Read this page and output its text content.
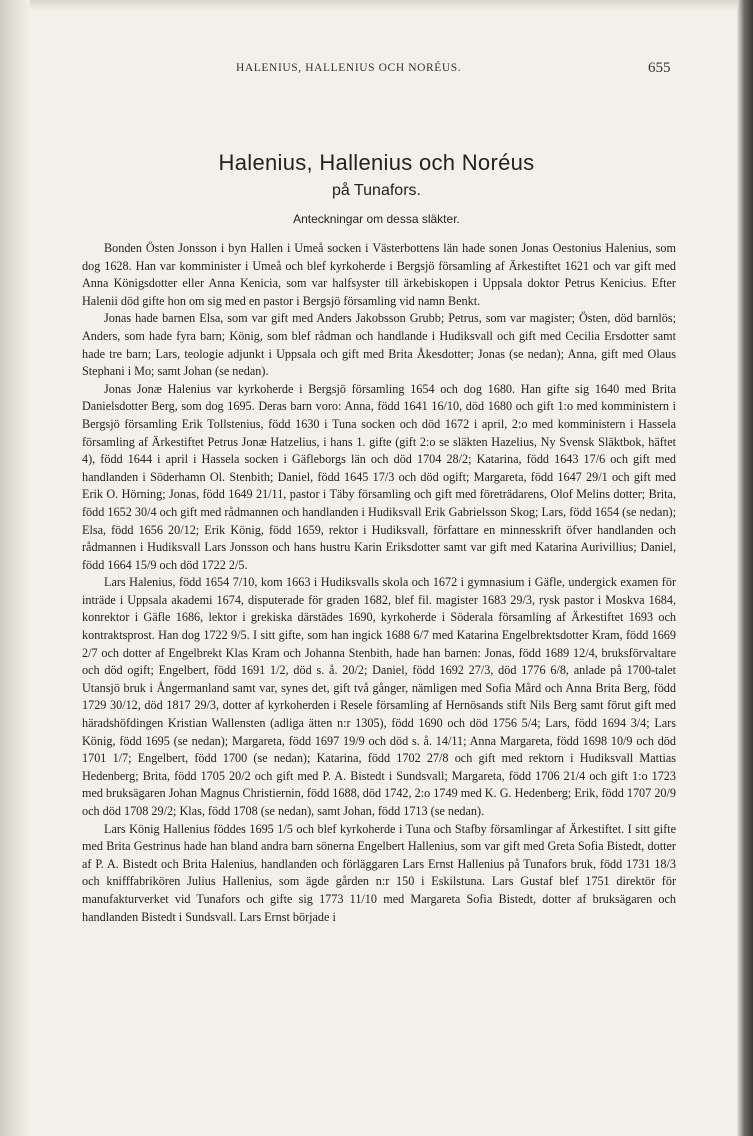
HALENIUS, HALLENIUS OCH NORÉUS.	655
Halenius, Hallenius och Noréus
på Tunafors.
Anteckningar om dessa släkter.

Bonden Östen Jonsson i byn Hallen i Umeå socken i Västerbottens län hade sonen Jonas Oestonius Halenius, som dog 1628. Han var komminister i Umeå och blef kyrkoherde i Bergsjö församling af Ärkestiftet 1621 och var gift med Anna Königsdotter eller Anna Kenicia, som var halfsyster till ärkebiskopen i Uppsala doktor Petrus Kenicius. Efter Halenii död gifte hon om sig med en pastor i Bergsjö församling vid namn Benkt.

Jonas hade barnen Elsa, som var gift med Anders Jakobsson Grubb; Petrus, som var magister; Östen, död barnlös; Anders, som hade fyra barn; König, som blef rådman och handlande i Hudiksvall och gift med Cecilia Ersdotter samt hade tre barn; Lars, teologie adjunkt i Uppsala och gift med Brita Åkesdotter; Jonas (se nedan); Anna, gift med Olaus Stephani i Mo; samt Johan (se nedan).

Jonas Jonæ Halenius var kyrkoherde i Bergsjö församling 1654 och dog 1680. Han gifte sig 1640 med Brita Danielsdotter Berg, som dog 1695. Deras barn voro: Anna, född 1641 16/10, död 1680 och gift 1:o med komministern i Bergsjö församling Erik Tollstenius, född 1630 i Tuna socken och död 1672 i april, 2:o med komministern i Hassela församling af Ärkestiftet Petrus Jonæ Hatzelius, i hans 1. gifte (gift 2:o se släkten Hazelius, Ny Svensk Släktbok, häftet 4), född 1644 i april i Hassela socken i Gäfleborgs län och död 1704 28/2; Katarina, född 1643 17/6 och gift med handlanden i Söderhamn Ol. Stenbith; Daniel, född 1645 17/3 och död ogift; Margareta, född 1647 29/1 och gift med Erik O. Hörning; Jonas, född 1649 21/11, pastor i Täby församling och gift med företrädarens, Olof Melins dotter; Brita, född 1652 30/4 och gift med rådmannen och handlanden i Hudiksvall Erik Gabrielsson Skog; Lars, född 1654 (se nedan); Elsa, född 1656 20/12; Erik König, född 1659, rektor i Hudiksvall, författare en minnesskrift öfver handlanden och rådmannen i Hudiksvall Lars Jonsson och hans hustru Karin Eriksdotter samt var gift med Katarina Aurivillius; Daniel, född 1664 15/9 och död 1722 2/5.

Lars Halenius, född 1654 7/10, kom 1663 i Hudiksvalls skola och 1672 i gymnasium i Gäfle, undergick examen för inträde i Uppsala akademi 1674, disputerade för graden 1682, blef fil. magister 1683 29/3, rysk pastor i Moskva 1684, konrektor i Gäfle 1686, lektor i grekiska därstädes 1690, kyrkoherde i Söderala församling af Ärkestiftet 1693 och kontraktsprost. Han dog 1722 9/5. I sitt gifte, som han ingick 1688 6/7 med Katarina Engelbrektsdotter Kram, född 1669 2/7 och dotter af Engelbrekt Klas Kram och Johanna Stenbith, hade han barnen: Jonas, född 1689 12/4, bruksförvaltare och död ogift; Engelbert, född 1691 1/2, död s. å. 20/2; Daniel, född 1692 27/3, död 1776 6/8, anlade på 1700-talet Utansjö bruk i Ångermanland samt var, synes det, gift två gånger, nämligen med Sofia Mård och Anna Brita Berg, född 1729 30/12, död 1817 29/3, dotter af kyrkoherden i Resele församling af Hernösands stift Nils Berg samt förut gift med häradshöfdingen Kristian Wallensten (adliga ätten n:r 1305), född 1690 och död 1756 5/4; Lars, född 1694 3/4; Lars König, född 1695 (se nedan); Margareta, född 1697 19/9 och död s. å. 14/11; Anna Margareta, född 1698 10/9 och död 1701 1/7; Engelbert, född 1700 (se nedan); Katarina, född 1702 27/8 och gift med rektorn i Hudiksvall Mattias Hedenberg; Brita, född 1705 20/2 och gift med P. A. Bistedt i Sundsvall; Margareta, född 1706 21/4 och gift 1:o 1723 med bruksägaren Johan Magnus Christiernin, född 1688, död 1742, 2:o 1749 med K. G. Hedenberg; Erik, född 1707 20/9 och död 1708 29/2; Klas, född 1708 (se nedan), samt Johan, född 1713 (se nedan).

Lars König Hallenius föddes 1695 1/5 och blef kyrkoherde i Tuna och Stafby församlingar af Ärkestiftet. I sitt gifte med Brita Gestrinus hade han bland andra barn sönerna Engelbert Hallenius, som var gift med Greta Sofia Bistedt, dotter af P. A. Bistedt och Brita Halenius, handlanden och förläggaren Lars Ernst Hallenius på Tunafors bruk, född 1731 18/3 och knifffabrikören Julius Hallenius, som ägde gården n:r 150 i Eskilstuna. Lars Gustaf blef 1751 direktör för manufakturverket vid Tunafors och gifte sig 1773 11/10 med Margareta Sofia Bistedt, dotter af bruksägaren och handlanden Bistedt i Sundsvall. Lars Ernst började i
